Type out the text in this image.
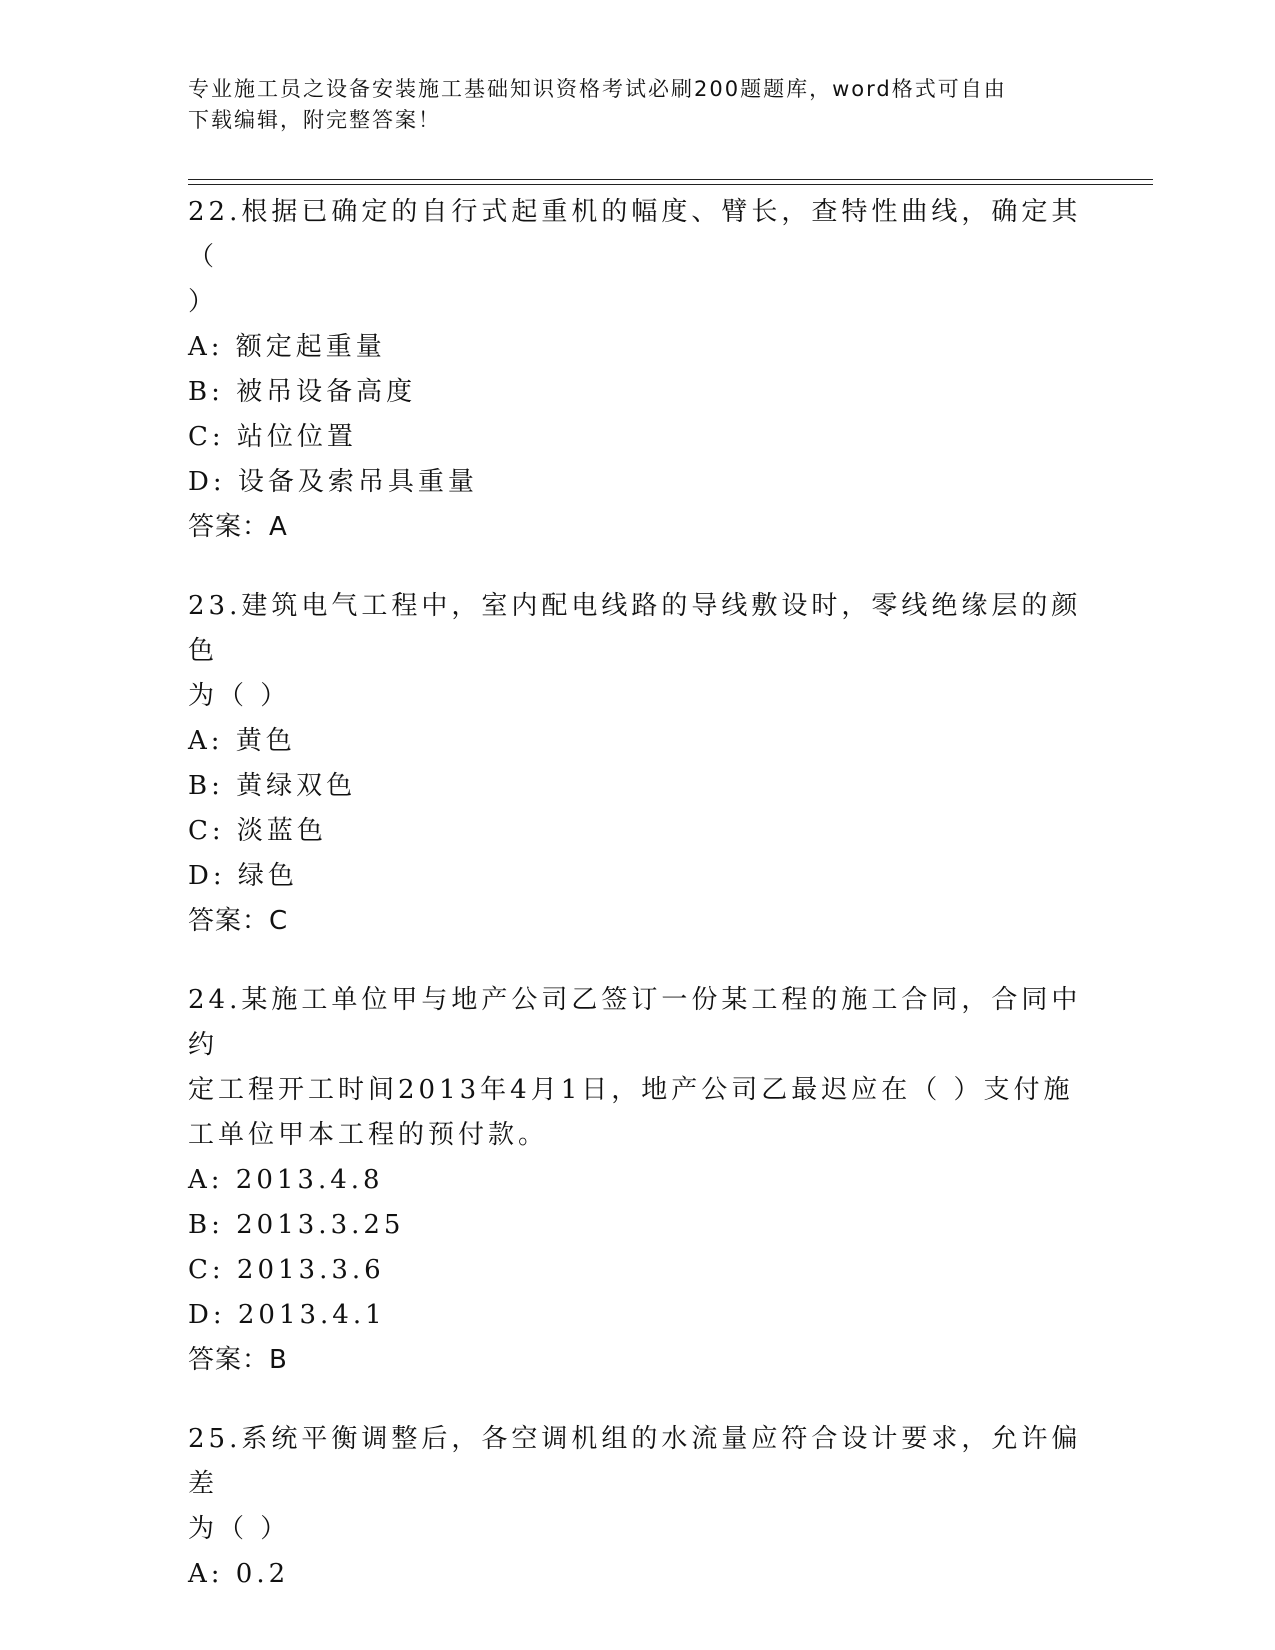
专业施工员之设备安装施工基础知识资格考试必刷200题题库，word格式可自由
下载编辑，附完整答案！
22.根据已确定的自行式起重机的幅度、臂长，查特性曲线，确定其（
）
A: 额定起重量
B: 被吊设备高度
C: 站位位置
D: 设备及索吊具重量
答案：A
23.建筑电气工程中，室内配电线路的导线敷设时，零线绝缘层的颜色
为（ ）
A: 黄色
B: 黄绿双色
C: 淡蓝色
D: 绿色
答案：C
24.某施工单位甲与地产公司乙签订一份某工程的施工合同，合同中约
定工程开工时间2013年4月1日，地产公司乙最迟应在（ ）支付施
工单位甲本工程的预付款。
A: 2013.4.8
B: 2013.3.25
C: 2013.3.6
D: 2013.4.1
答案：B
25.系统平衡调整后，各空调机组的水流量应符合设计要求，允许偏差
为（ ）
A: 0.2
